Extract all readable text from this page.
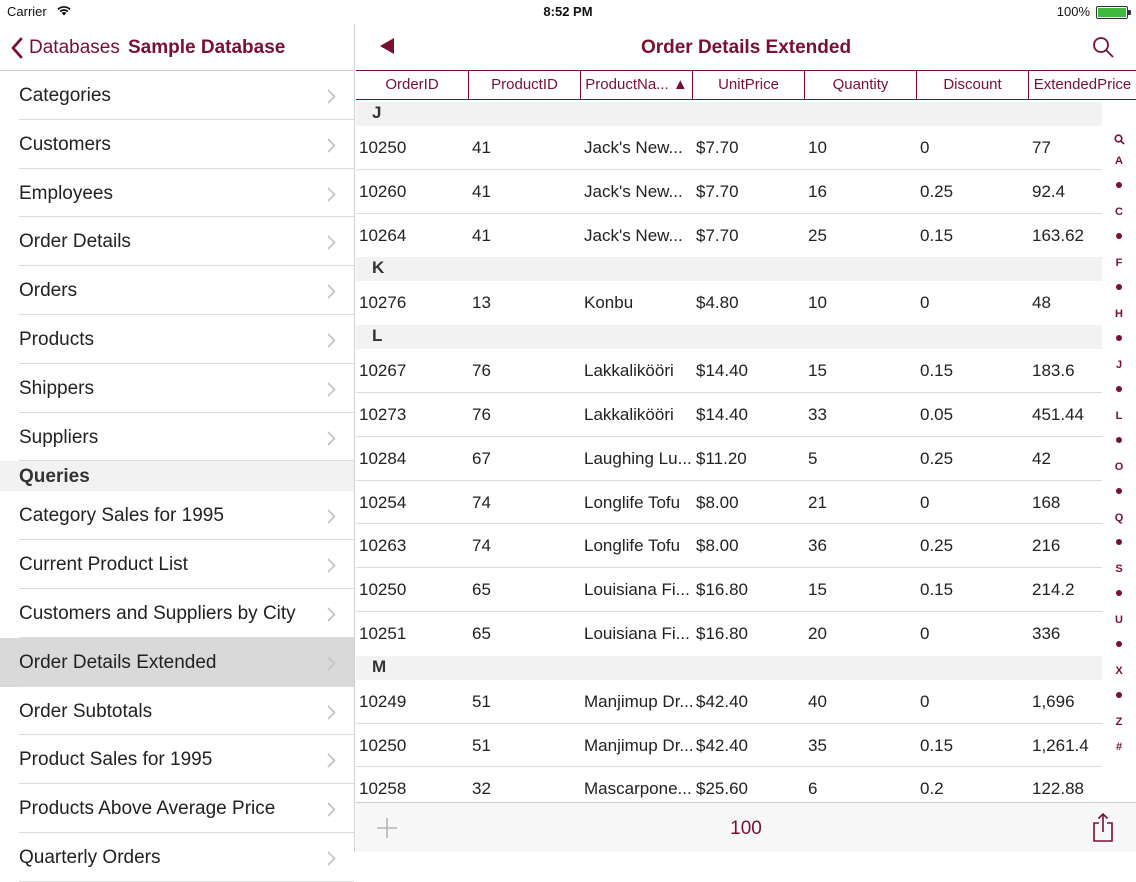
Carrier	8:52 PM	100%
Databases Sample Database
Categories
Customers
Employees
Order Details
Orders
Products
Shippers
Suppliers
Queries
Category Sales for 1995
Current Product List
Customers and Suppliers by City
Order Details Extended
Order Subtotals
Product Sales for 1995
Products Above Average Price
Quarterly Orders
Order Details Extended
OrderID	ProductID	ProductNa... ▲	UnitPrice	Quantity	Discount	ExtendedPrice
J
10250	41	Jack's New... $7.70	10	0	77
10260	41	Jack's New... $7.70	16	0.25	92.4
10264	41	Jack's New... $7.70	25	0.15	163.62
K
10276	13	Konbu	$4.80	10	0	48
L
10267	76	Lakkalikööri	$14.40	15	0.15	183.6
10273	76	Lakkalikööri	$14.40	33	0.05	451.44
10284	67	Laughing Lu... $11.20	5	0.25	42
10254	74	Longlife Tofu $8.00	21	0	168
10263	74	Longlife Tofu $8.00	36	0.25	216
10250	65	Louisiana Fi... $16.80	15	0.15	214.2
10251	65	Louisiana Fi... $16.80	20	0	336
M
10249	51	Manjimup Dr... $42.40	40	0	1,696
10250	51	Manjimup Dr... $42.40	35	0.15	1,261.4
10258	32	Mascarpone... $25.60	6	0.2	122.88
A
C
F
H
J
L
O
Q
S
U
X
Z
#
100
